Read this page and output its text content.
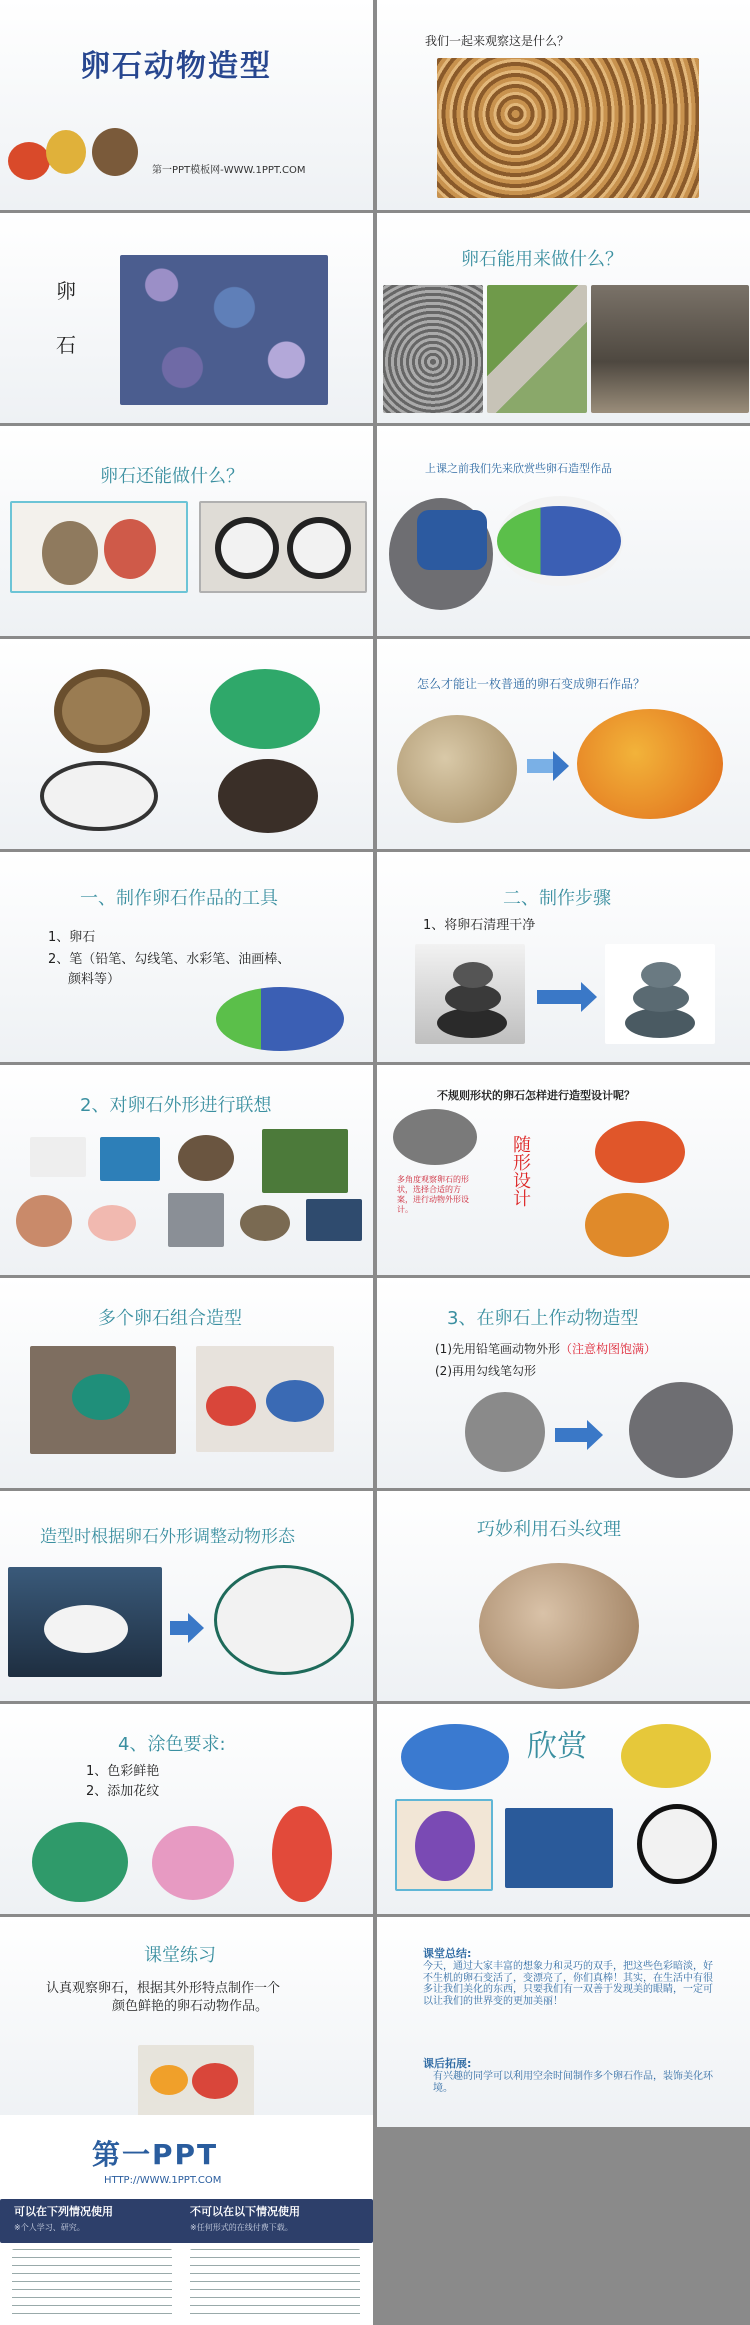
卵石动物造型
第一PPT模板网-WWW.1PPT.COM
我们一起来观察这是什么？
卵
石
卵石能用来做什么？
卵石还能做什么？	上课之前我们先来欣赏些卵石造型作品
怎么才能让一枚普通的卵石变成卵石作品？
一、制作卵石作品的工具
1、卵石
2、笔（铅笔、勾线笔、水彩笔、油画棒、
颜料等）
二、制作步骤
1、将卵石清理干净
2、对卵石外形进行联想	不规则形状的卵石怎样进行造型设计呢？
多角度观察卵石的形状，选择合适的方案，进行动物外形设计。
随形设计
多个卵石组合造型	3、在卵石上作动物造型
(1)先用铅笔画动物外形（注意构图饱满）
(2)再用勾线笔勾形
造型时根据卵石外形调整动物形态	巧妙利用石头纹理
4、涂色要求:
1、色彩鲜艳
2、添加花纹
欣赏
课堂练习
认真观察卵石，根据其外形特点制作一个
颜色鲜艳的卵石动物作品。
课堂总结:
今天，通过大家丰富的想象力和灵巧的双手，把这些色彩暗淡，好不生机的卵石变活了，变漂亮了，你们真棒！其实，在生活中有很多让我们美化的东西，只要我们有一双善于发现美的眼睛，一定可以让我们的世界变的更加美丽！
课后拓展:
有兴趣的同学可以利用空余时间制作多个卵石作品，装饰美化环境。
第一PPT
HTTP://WWW.1PPT.COM
可以在下列情况使用	不可以在以下情况使用
※个人学习、研究。	※任何形式的在线付费下载。
